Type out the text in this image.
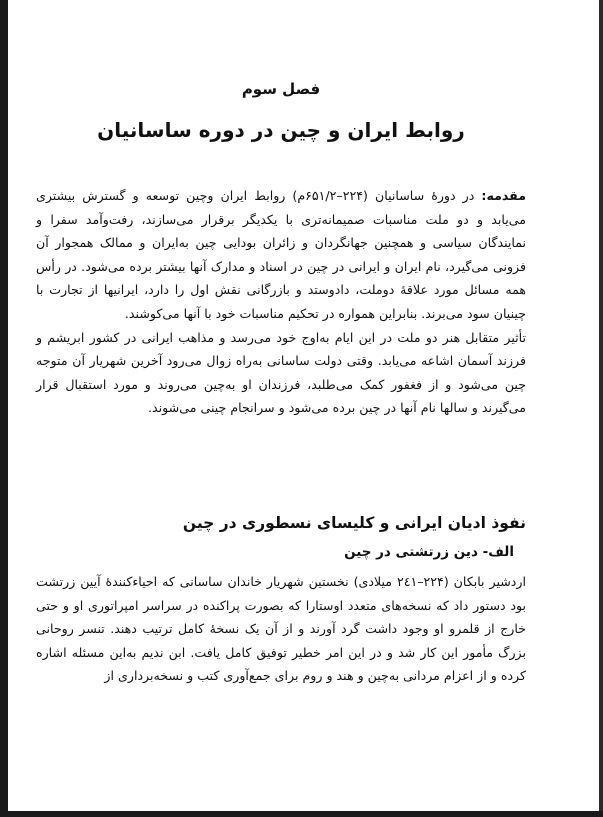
فصل سوم
روابط ایران و چین در دوره ساسانیان

مقدمه: در دورهٔ ساسانیان (۲۲۴–۶۵۱/۲م) روابط ایران وچین توسعه و گسترش بیشتری می‌یابد و دو ملت مناسبات صمیمانه‌تری با یکدیگر برقرار می‌سازند، رفت‌وآمد سفرا و نمایندگان سیاسی و همچنین جهانگردان و زائران بودایی چین به‌ایران و ممالک همجوار آن فزونی می‌گیرد، نام ایران و ایرانی در چین در اسناد و مدارک آنها بیشتر برده می‌شود. در رأس همه مسائل مورد علاقهٔ دوملت، دادوستد و بازرگانی نقش اول را دارد، ایرانیها از تجارت با چینیان سود می‌برند. بنابراین همواره در تحکیم مناسبات خود با آنها می‌کوشند.

تأثیر متقابل هنر دو ملت در این ایام به‌اوج خود می‌رسد و مذاهب ایرانی در کشور ابریشم و فرزند آسمان اشاعه می‌یابد. وقتی دولت ساسانی به‌راه زوال می‌رود آخرین شهریار آن متوجه چین می‌شود و از فغفور کمک می‌طلبد، فرزندان او به‌چین می‌روند و مورد استقبال قرار می‌گیرند و سالها نام آنها در چین برده می‌شود و سرانجام چینی می‌شوند.

نفوذ ادیان ایرانی و کلیسای نسطوری در چین
الف- دین زرتشتی در چین

اردشیر بابکان (۲۲۴–۲٤۱ میلادی) نخستین شهریار خاندان ساسانی که احیاءکنندهٔ آیین زرتشت بود دستور داد که نسخه‌های متعدد اوستارا که بصورت پراکنده در سراسر امپراتوری او و حتی خارج از قلمرو او وجود داشت گرد آورند و از آن یک نسخهٔ کامل ترتیب دهند. تنسر روحانی بزرگ مأمور این کار شد و در این امر خطیر توفیق کامل یافت. ابن ندیم به‌این مسئله اشاره کرده و از اعزام مردانی به‌چین و هند و روم برای جمع‌آوری کتب و نسخه‌برداری از
